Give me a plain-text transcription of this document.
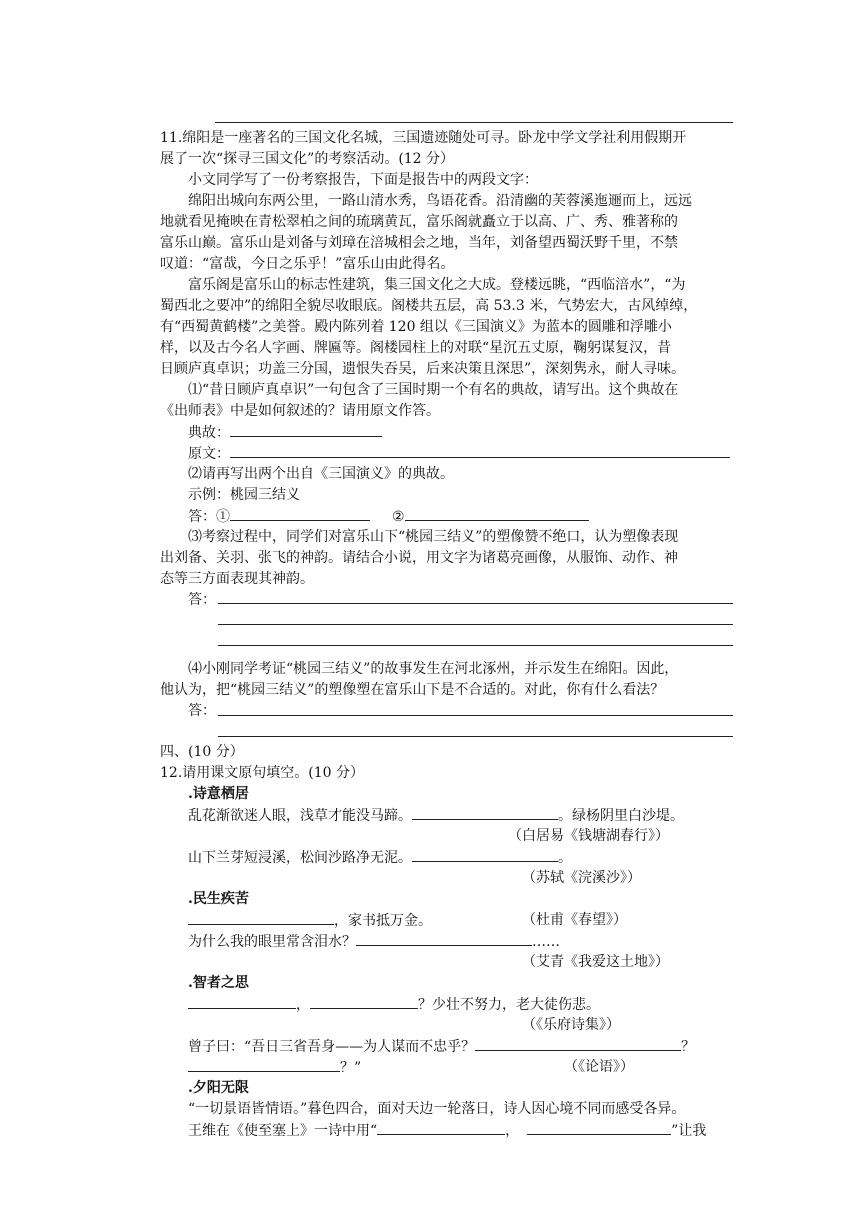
11.绵阳是一座著名的三国文化名城，三国遗迹随处可寻。卧龙中学文学社利用假期开
展了一次“探寻三国文化”的考察活动。(12 分）
小文同学写了一份考察报告，下面是报告中的两段文字：
绵阳出城向东两公里，一路山清水秀，鸟语花香。沿清幽的芙蓉溪迤逦而上，远远
地就看见掩映在青松翠柏之间的琉璃黄瓦，富乐阁就矗立于以高、广、秀、雅著称的
富乐山巅。富乐山是刘备与刘璋在涪城相会之地，当年，刘备望西蜀沃野千里，不禁
叹道：“富哉，今日之乐乎！”富乐山由此得名。
富乐阁是富乐山的标志性建筑，集三国文化之大成。登楼远眺，“西临涪水”，“为
蜀西北之要冲”的绵阳全貌尽收眼底。阁楼共五层，高 53.3 米，气势宏大，古风绰绰，
有“西蜀黄鹤楼”之美誉。殿内陈列着 120 组以《三国演义》为蓝本的圆雕和浮雕小
样，以及古今名人字画、牌匾等。阁楼园柱上的对联“星沉五丈原，鞠躬谋复汉，昔
日顾庐真卓识；功盖三分国，遗恨失吞吴，后来决策且深思”，深刻隽永，耐人寻味。
⑴“昔日顾庐真卓识”一句包含了三国时期一个有名的典故，请写出。这个典故在
《出师表》中是如何叙述的？请用原文作答。
典故：
原文：
⑵请再写出两个出自《三国演义》的典故。
示例：桃园三结义
答：①	②
⑶考察过程中，同学们对富乐山下“桃园三结义”的塑像赞不绝口，认为塑像表现
出刘备、关羽、张飞的神韵。请结合小说，用文字为诸葛亮画像，从服饰、动作、神
态等三方面表现其神韵。
答：
⑷小刚同学考证“桃园三结义”的故事发生在河北涿州，并示发生在绵阳。因此，
他认为，把“桃园三结义”的塑像塑在富乐山下是不合适的。对此，你有什么看法？
答：
四、(10 分）
12.请用课文原句填空。(10 分）
.诗意栖居
乱花渐欲迷人眼，浅草才能没马蹄。	。绿杨阴里白沙堤。
（白居易《钱塘湖春行》）
山下兰芽短浸溪，松间沙路净无泥。	。
（苏轼《浣溪沙》）
.民生疾苦
，家书抵万金。	（杜甫《春望》）
为什么我的眼里常含泪水？	……
（艾青《我爱这土地》）
.智者之思
，	？少壮不努力，老大徒伤悲。
（《乐府诗集》）
曾子曰：“吾日三省吾身——为人谋而不忠乎？	？
？”	（《论语》）
.夕阳无限
“一切景语皆情语。”暮色四合，面对天边一轮落日，诗人因心境不同而感受各异。
王维在《使至塞上》一诗中用“	，	”让我
